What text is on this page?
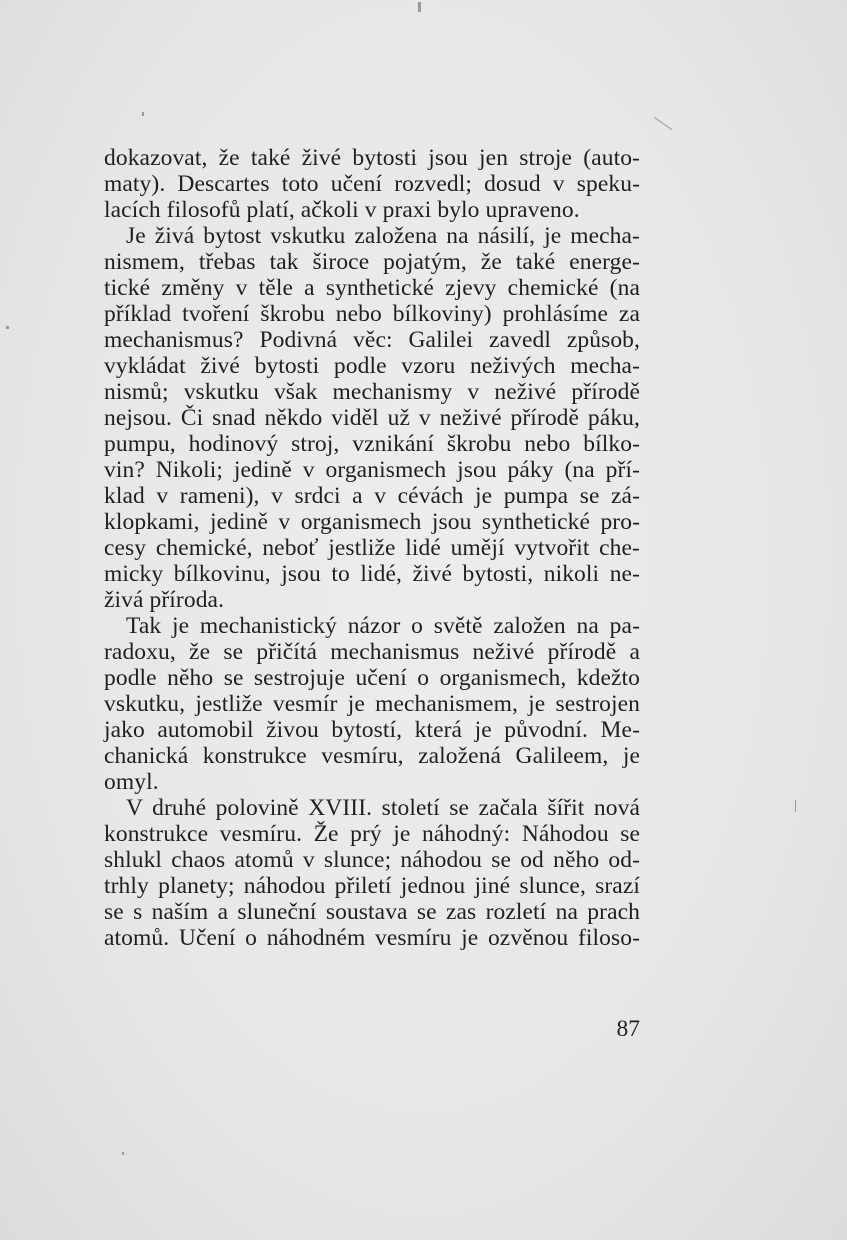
dokazovat, že také živé bytosti jsou jen stroje (auto-
maty). Descartes toto učení rozvedl; dosud v speku-
lacích filosofů platí, ačkoli v praxi bylo upraveno.
Je živá bytost vskutku založena na násilí, je mecha-
nismem, třebas tak široce pojatým, že také energe-
tické změny v těle a synthetické zjevy chemické (na
příklad tvoření škrobu nebo bílkoviny) prohlásíme za
mechanismus? Podivná věc: Galilei zavedl způsob,
vykládat živé bytosti podle vzoru neživých mecha-
nismů; vskutku však mechanismy v neživé přírodě
nejsou. Či snad někdo viděl už v neživé přírodě páku,
pumpu, hodinový stroj, vznikání škrobu nebo bílko-
vin? Nikoli; jedině v organismech jsou páky (na pří-
klad v rameni), v srdci a v cévách je pumpa se zá-
klopkami, jedině v organismech jsou synthetické pro-
cesy chemické, neboť jestliže lidé umějí vytvořit che-
micky bílkovinu, jsou to lidé, živé bytosti, nikoli ne-
živá příroda.
Tak je mechanistický názor o světě založen na pa-
radoxu, že se přičítá mechanismus neživé přírodě a
podle něho se sestrojuje učení o organismech, kdežto
vskutku, jestliže vesmír je mechanismem, je sestrojen
jako automobil živou bytostí, která je původní. Me-
chanická konstrukce vesmíru, založená Galileem, je
omyl.
V druhé polovině XVIII. století se začala šířit nová
konstrukce vesmíru. Že prý je náhodný: Náhodou se
shlukl chaos atomů v slunce; náhodou se od něho od-
trhly planety; náhodou přiletí jednou jiné slunce, srazí
se s naším a sluneční soustava se zas rozletí na prach
atomů. Učení o náhodném vesmíru je ozvěnou filoso-
87
